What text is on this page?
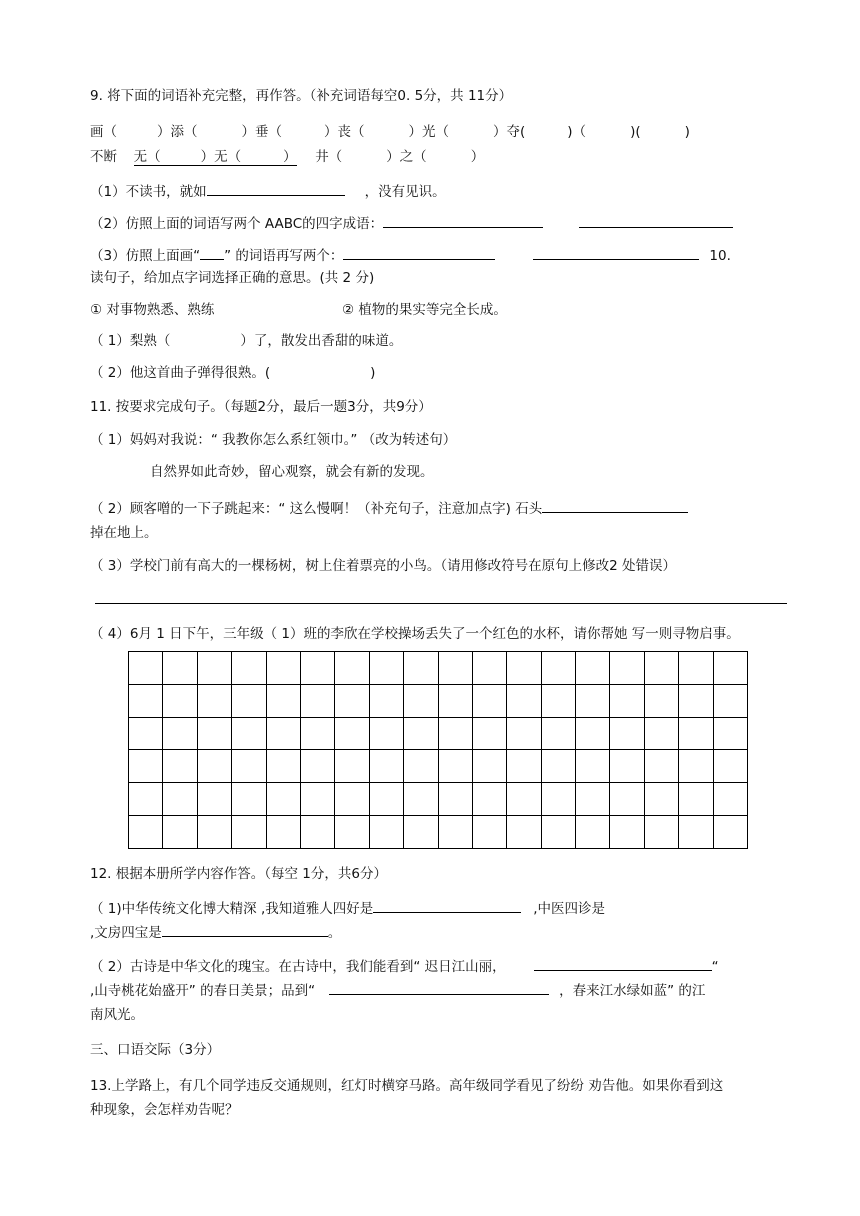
9. 将下面的词语补充完整，再作答。（补充词语每空0. 5分，共 11分）
画（	）添（	）垂（	）丧（	）光（	）夺(	)（	)(	)
不断 无（	）无（	） 井（	）之（	）
（1）不读书，就如	，没有见识。
（2）仿照上面的词语写两个 AABC的四字成语：
（3）仿照上面画“ ” 的词语再写两个：	10.
读句子，给加点字词选择正确的意思。(共 2 分)
① 对事物熟悉、熟练	② 植物的果实等完全长成。
（ 1）梨熟（	）了，散发出香甜的味道。
（ 2）他这首曲子弹得很熟。(	)
11. 按要求完成句子。（每题2分，最后一题3分，共9分）
（ 1）妈妈对我说：“ 我教你怎么系红领巾。” （改为转述句）
自然界如此奇妙，留心观察，就会有新的发现。
（ 2）顾客噌的一下子跳起来：“ 这么慢啊！（补充句子，注意加点字) 石头
掉在地上。
（ 3）学校门前有高大的一棵杨树，树上住着票亮的小鸟。（请用修改符号在原句上修改2 处错误）
（ 4）6月 1 日下午，三年级（ 1）班的李欣在学校操场丢失了一个红色的水杯，请你帮她 写一则寻物启事。

12. 根据本册所学内容作答。（每空 1分，共6分）
（ 1)中华传统文化博大精深 ,我知道雅人四好是	,中医四诊是
,文房四宝是	。
（ 2）古诗是中华文化的瑰宝。在古诗中，我们能看到“ 迟日江山丽，	“
,山寺桃花始盛开” 的春日美景；品到“	，春来江水绿如蓝” 的江
南风光。
三、口语交际（3分）
13.上学路上，有几个同学违反交通规则，红灯时横穿马路。高年级同学看见了纷纷 劝告他。如果你看到这
种现象，会怎样劝告呢？
